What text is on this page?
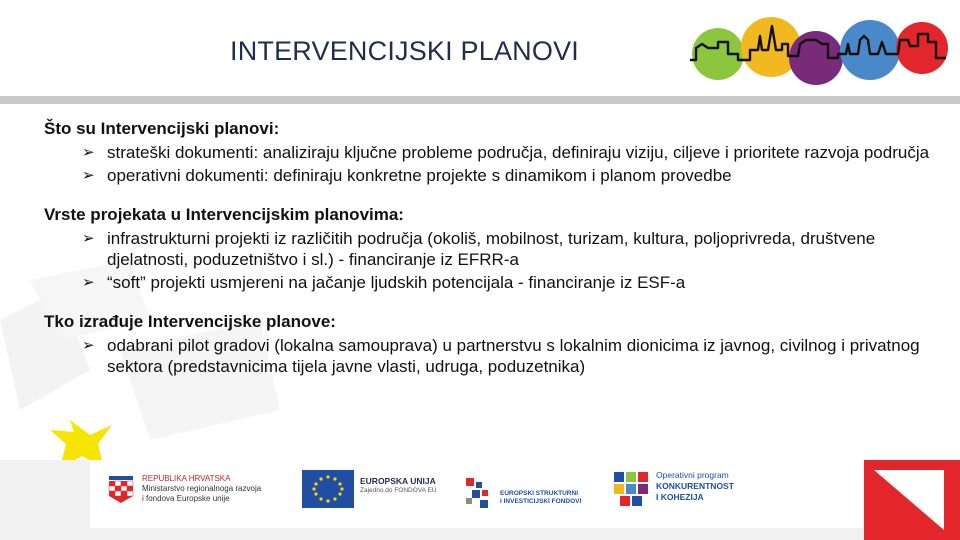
INTERVENCIJSKI PLANOVI
Što su Intervencijski planovi:
➢ strateški dokumenti: analiziraju ključne probleme područja, definiraju viziju, ciljeve i prioritete razvoja područja
➢ operativni dokumenti: definiraju konkretne projekte s dinamikom i planom provedbe
Vrste projekata u Intervencijskim planovima:
➢ infrastrukturni projekti iz različitih područja (okoliš, mobilnost, turizam, kultura, poljoprivreda, društvene djelatnosti, poduzetništvo i sl.) - financiranje iz EFRR-a
➢ “soft” projekti usmjereni na jačanje ljudskih potencijala - financiranje iz ESF-a
Tko izrađuje Intervencijske planove:
➢ odabrani pilot gradovi (lokalna samouprava) u partnerstvu s lokalnim dionicima iz javnog, civilnog i privatnog sektora (predstavnicima tijela javne vlasti, udruga, poduzetnika)
REPUBLIKA HRVATSKA
Ministarstvo regionalnoga razvoja
i fondova Europske unije
EUROPSKA UNIJA
Zajedno do FONDOVA EU	EUROPSKI STRUKTURNI
I INVESTICIJSKI FONDOVI
Operativni program
KONKURENTNOST
I KOHEZIJA
